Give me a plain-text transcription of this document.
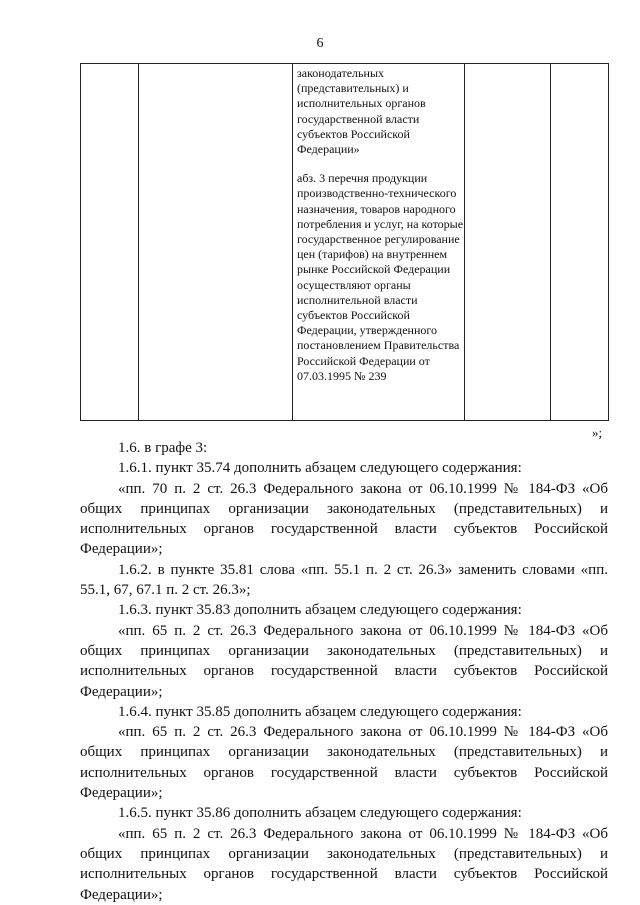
6

законодательных (представительных) и исполнительных органов государственной власти субъектов Российской Федерации»
абз. 3 перечня продукции производственно-технического назначения, товаров народного потребления и услуг, на которые государственное регулирование цен (тарифов) на внутреннем рынке Российской Федерации осуществляют органы исполнительной власти субъектов Российской Федерации, утвержденного постановлением Правительства Российской Федерации от 07.03.1995 № 239

»;

1.6. в графе 3:

1.6.1. пункт 35.74 дополнить абзацем следующего содержания:

«пп. 70 п. 2 ст. 26.3 Федерального закона от 06.10.1999 № 184-ФЗ «Об общих принципах организации законодательных (представительных) и исполнительных органов государственной власти субъектов Российской Федерации»;

1.6.2. в пункте 35.81 слова «пп. 55.1 п. 2 ст. 26.3» заменить словами «пп. 55.1, 67, 67.1 п. 2 ст. 26.3»;

1.6.3. пункт 35.83 дополнить абзацем следующего содержания:

«пп. 65 п. 2 ст. 26.3 Федерального закона от 06.10.1999 № 184-ФЗ «Об общих принципах организации законодательных (представительных) и исполнительных органов государственной власти субъектов Российской Федерации»;

1.6.4. пункт 35.85 дополнить абзацем следующего содержания:

«пп. 65 п. 2 ст. 26.3 Федерального закона от 06.10.1999 № 184-ФЗ «Об общих принципах организации законодательных (представительных) и исполнительных органов государственной власти субъектов Российской Федерации»;

1.6.5. пункт 35.86 дополнить абзацем следующего содержания:

«пп. 65 п. 2 ст. 26.3 Федерального закона от 06.10.1999 № 184-ФЗ «Об общих принципах организации законодательных (представительных) и исполнительных органов государственной власти субъектов Российской Федерации»;
